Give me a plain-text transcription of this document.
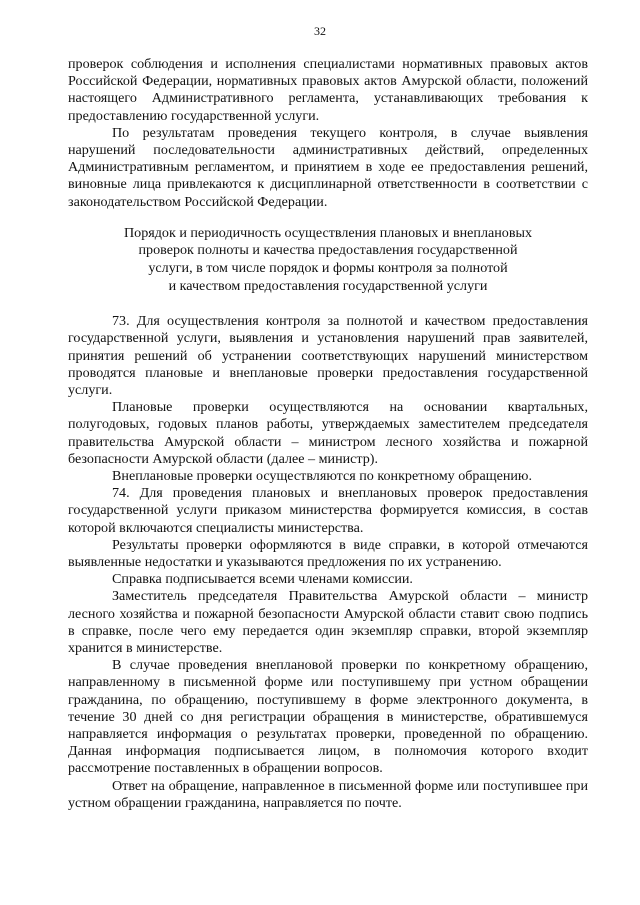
32

проверок соблюдения и исполнения специалистами нормативных правовых актов Российской Федерации, нормативных правовых актов Амурской области, положений настоящего Административного регламента, устанавливающих требования к предоставлению государственной услуги.

По результатам проведения текущего контроля, в случае выявления нарушений последовательности административных действий, определенных Административным регламентом, и принятием в ходе ее предоставления решений, виновные лица привлекаются к дисциплинарной ответственности в соответствии с законодательством Российской Федерации.

Порядок и периодичность осуществления плановых и внеплановых
проверок полноты и качества предоставления государственной
услуги, в том числе порядок и формы контроля за полнотой
и качеством предоставления государственной услуги

73. Для осуществления контроля за полнотой и качеством предоставления государственной услуги, выявления и установления нарушений прав заявителей, принятия решений об устранении соответствующих нарушений министерством проводятся плановые и внеплановые проверки предоставления государственной услуги.

Плановые проверки осуществляются на основании квартальных, полугодовых, годовых планов работы, утверждаемых заместителем председателя правительства Амурской области – министром лесного хозяйства и пожарной безопасности Амурской области (далее – министр).

Внеплановые проверки осуществляются по конкретному обращению.

74. Для проведения плановых и внеплановых проверок предоставления государственной услуги приказом министерства формируется комиссия, в состав которой включаются специалисты министерства.

Результаты проверки оформляются в виде справки, в которой отмечаются выявленные недостатки и указываются предложения по их устранению.

Справка подписывается всеми членами комиссии.

Заместитель председателя Правительства Амурской области – министр лесного хозяйства и пожарной безопасности Амурской области ставит свою подпись в справке, после чего ему передается один экземпляр справки, второй экземпляр хранится в министерстве.

В случае проведения внеплановой проверки по конкретному обращению, направленному в письменной форме или поступившему при устном обращении гражданина, по обращению, поступившему в форме электронного документа, в течение 30 дней со дня регистрации обращения в министерстве, обратившемуся направляется информация о результатах проверки, проведенной по обращению. Данная информация подписывается лицом, в полномочия которого входит рассмотрение поставленных в обращении вопросов.

Ответ на обращение, направленное в письменной форме или поступившее при устном обращении гражданина, направляется по почте.
